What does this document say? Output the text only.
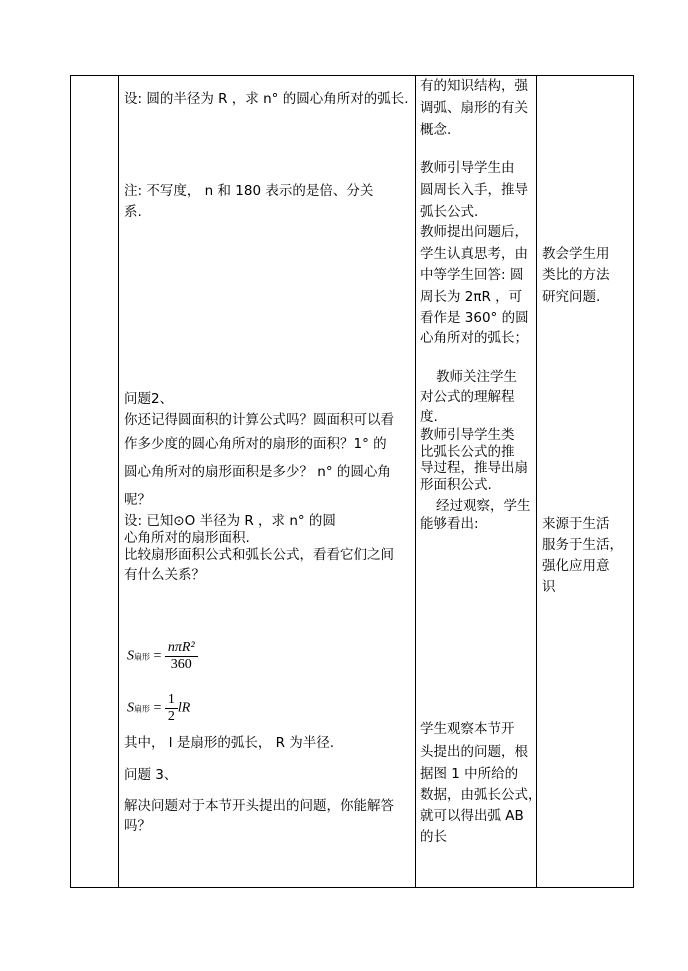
设: 圆的半径为 R ，求 n° 的圆心角所对的弧长.

注: 不写度， n 和 180 表示的是倍、分关

系.

问题2、

你还记得圆面积的计算公式吗？圆面积可以看

作多少度的圆心角所对的扇形的面积？1° 的

圆心角所对的扇形面积是多少？ n° 的圆心角

呢？

设: 已知⊙O 半径为 R ，求 n° 的圆

心角所对的扇形面积.

比较扇形面积公式和弧长公式，看看它们之间

有什么关系？

S扇形 = $\frac{\text{nπR²}}{360}$
S扇形 = $\frac{1}{2}$ lR

其中， l 是扇形的弧长， R 为半径.

问题 3、

解决问题对于本节开头提出的问题，你能解答

吗？

有的知识结构，强

调弧、扇形的有关

概念.

教师引导学生由

圆周长入手，推导

弧长公式.

教师提出问题后，

学生认真思考，由

中等学生回答: 圆

周长为 2πR ，可

看作是 360° 的圆

心角所对的弧长；

教师关注学生

对公式的理解程

度.

教师引导学生类

比弧长公式的推

导过程，推导出扇

形面积公式.

经过观察，学生

能够看出:

学生观察本节开

头提出的问题，根

据图 1 中所给的

数据，由弧长公式，

就可以得出弧 AB

的长

教会学生用

类比的方法

研究问题.

来源于生活

服务于生活，

强化应用意

识
